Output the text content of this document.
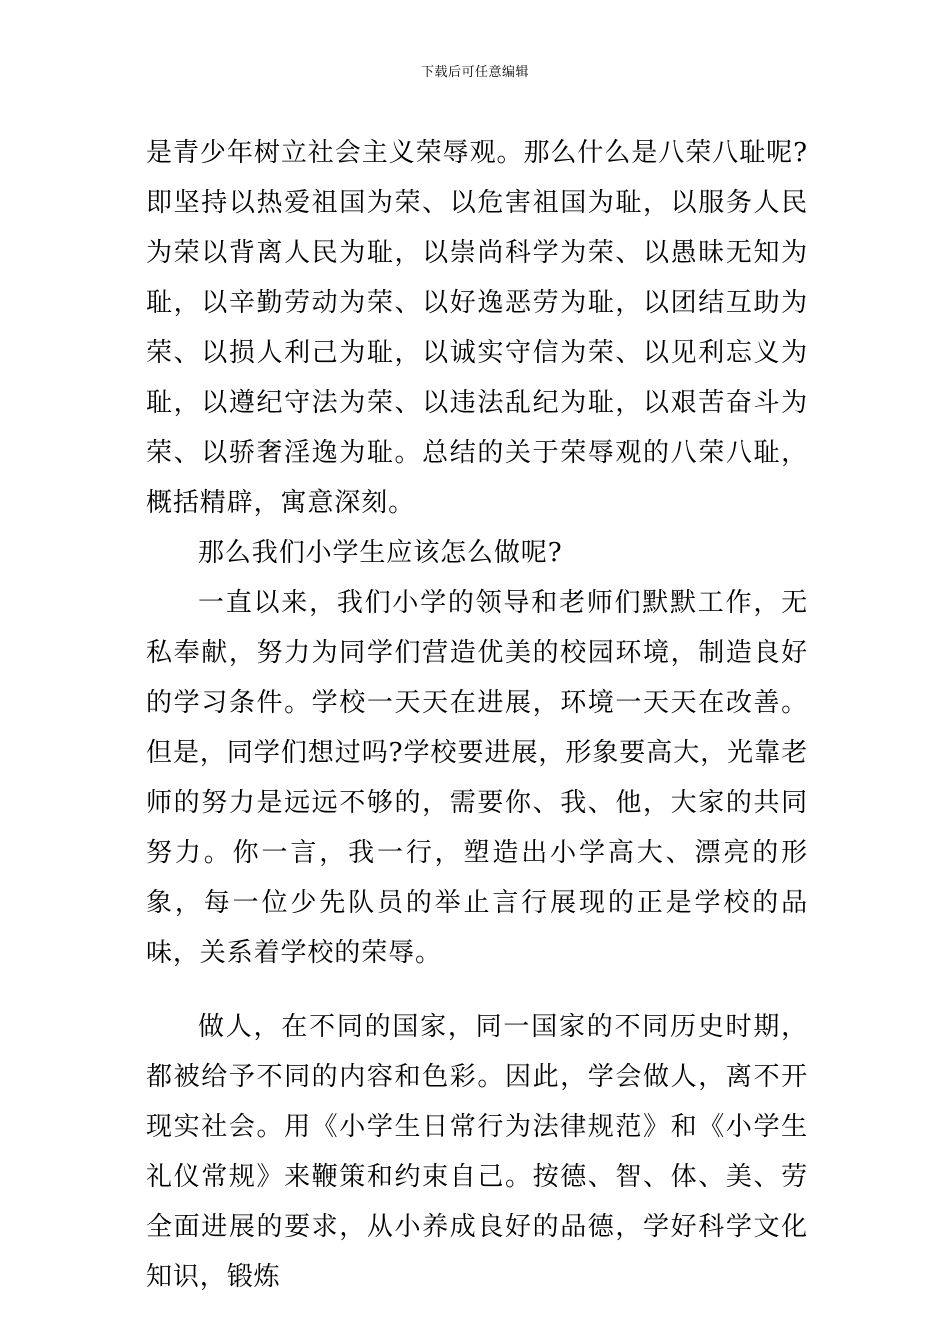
下载后可任意编辑

是青少年树立社会主义荣辱观。那么什么是八荣八耻呢?即坚持以热爱祖国为荣、以危害祖国为耻，以服务人民为荣以背离人民为耻，以崇尚科学为荣、以愚昧无知为耻，以辛勤劳动为荣、以好逸恶劳为耻，以团结互助为荣、以损人利己为耻，以诚实守信为荣、以见利忘义为耻，以遵纪守法为荣、以违法乱纪为耻，以艰苦奋斗为荣、以骄奢淫逸为耻。总结的关于荣辱观的八荣八耻，概括精辟，寓意深刻。

那么我们小学生应该怎么做呢?

一直以来，我们小学的领导和老师们默默工作，无私奉献，努力为同学们营造优美的校园环境，制造良好的学习条件。学校一天天在进展，环境一天天在改善。但是，同学们想过吗?学校要进展，形象要高大，光靠老师的努力是远远不够的，需要你、我、他，大家的共同努力。你一言，我一行，塑造出小学高大、漂亮的形象，每一位少先队员的举止言行展现的正是学校的品味，关系着学校的荣辱。

做人，在不同的国家，同一国家的不同历史时期，都被给予不同的内容和色彩。因此，学会做人，离不开现实社会。用《小学生日常行为法律规范》和《小学生礼仪常规》来鞭策和约束自己。按德、智、体、美、劳全面进展的要求，从小养成良好的品德，学好科学文化知识，锻炼
